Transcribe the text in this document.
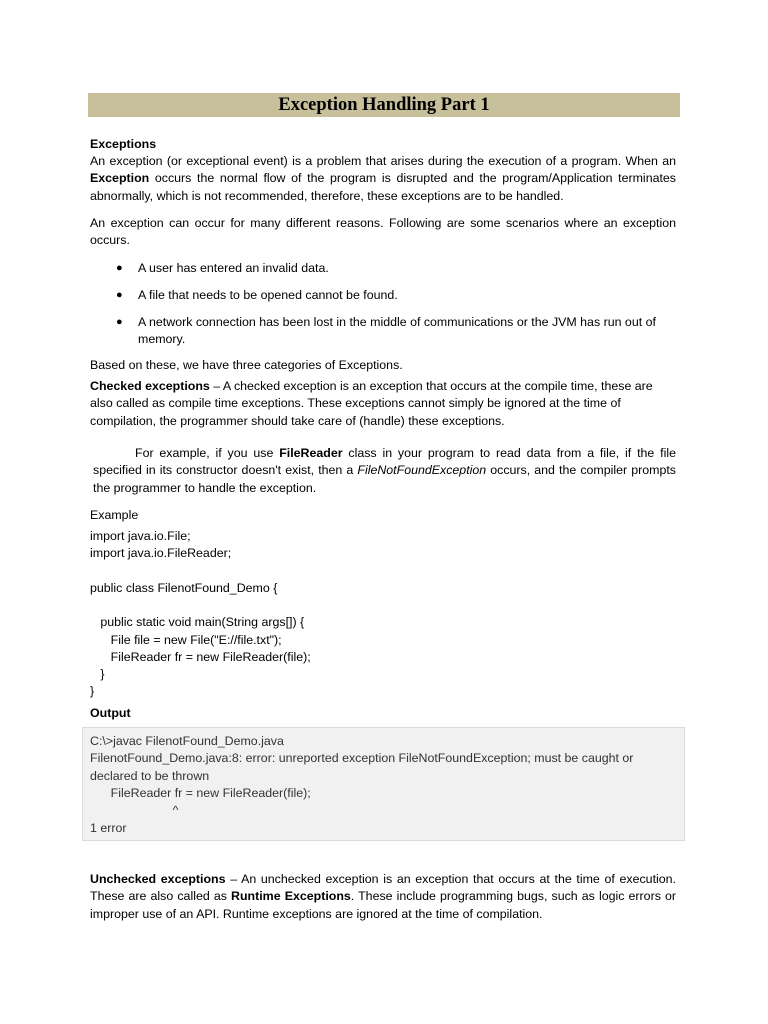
Exception Handling Part 1
Exceptions
An exception (or exceptional event) is a problem that arises during the execution of a program. When an Exception occurs the normal flow of the program is disrupted and the program/Application terminates abnormally, which is not recommended, therefore, these exceptions are to be handled.
An exception can occur for many different reasons. Following are some scenarios where an exception occurs.
● A user has entered an invalid data.
● A file that needs to be opened cannot be found.
● A network connection has been lost in the middle of communications or the JVM has run out of memory.
Based on these, we have three categories of Exceptions.
Checked exceptions – A checked exception is an exception that occurs at the compile time, these are also called as compile time exceptions. These exceptions cannot simply be ignored at the time of compilation, the programmer should take care of (handle) these exceptions.
For example, if you use FileReader class in your program to read data from a file, if the file specified in its constructor doesn't exist, then a FileNotFoundException occurs, and the compiler prompts the programmer to handle the exception.
Example
import java.io.File;
import java.io.FileReader;
public class FilenotFound_Demo {
public static void main(String args[]) {
File file = new File("E://file.txt");
FileReader fr = new FileReader(file);
}
}
Output
C:\>javac FilenotFound_Demo.java
FilenotFound_Demo.java:8: error: unreported exception FileNotFoundException; must be caught or
declared to be thrown
FileReader fr = new FileReader(file);
^
1 error
Unchecked exceptions – An unchecked exception is an exception that occurs at the time of execution. These are also called as Runtime Exceptions. These include programming bugs, such as logic errors or improper use of an API. Runtime exceptions are ignored at the time of compilation.
